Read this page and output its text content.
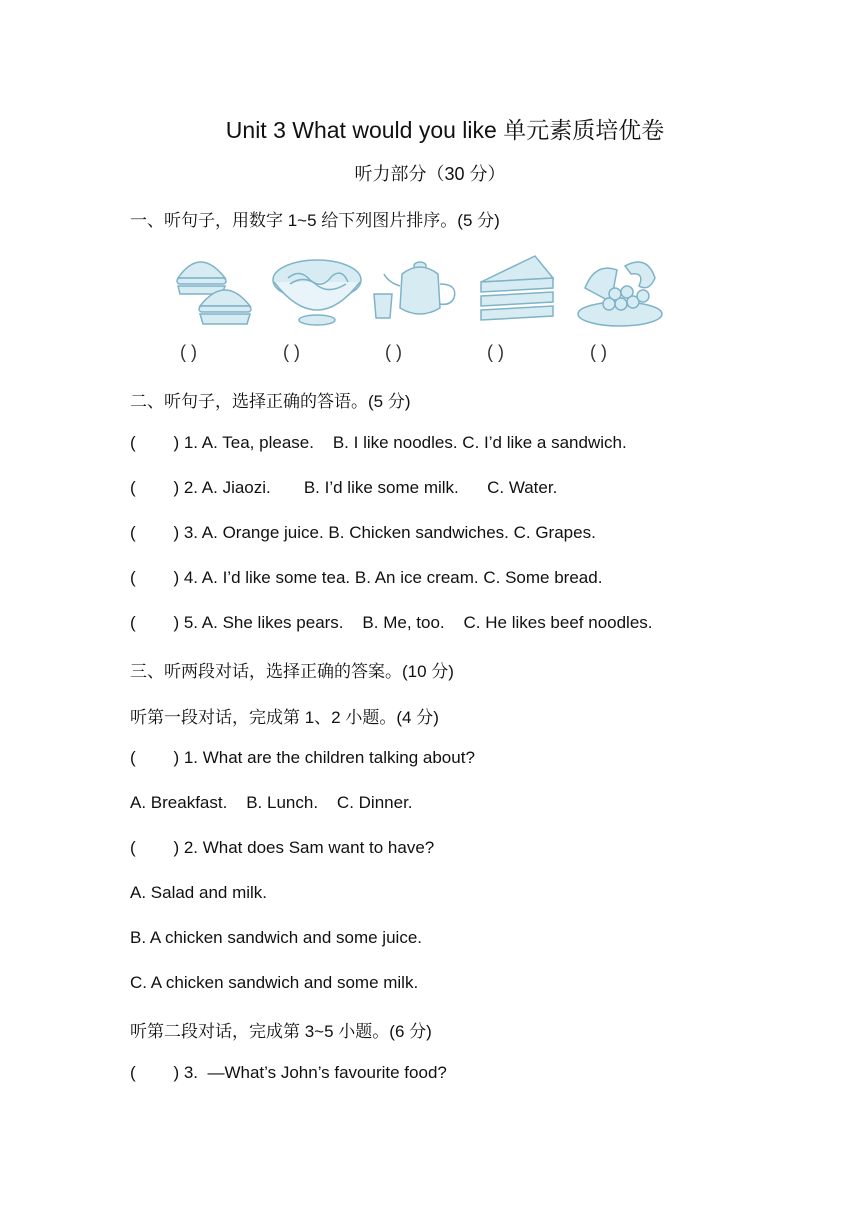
Unit 3 What would you like 单元素质培优卷
听力部分（30 分）
一、听句子，用数字 1~5 给下列图片排序。(5 分)
( )	( )	( )	( )	( )
二、听句子，选择正确的答语。(5 分)
(        ) 1. A. Tea, please.    B. I like noodles. C. I’d like a sandwich.
(        ) 2. A. Jiaozi.       B. I’d like some milk.      C. Water.
(        ) 3. A. Orange juice. B. Chicken sandwiches. C. Grapes.
(        ) 4. A. I’d like some tea. B. An ice cream. C. Some bread.
(        ) 5. A. She likes pears.    B. Me, too.    C. He likes beef noodles.
三、听两段对话，选择正确的答案。(10 分)
听第一段对话，完成第 1、2 小题。(4 分)
(        ) 1. What are the children talking about?
A. Breakfast.    B. Lunch.    C. Dinner.
(        ) 2. What does Sam want to have?
A. Salad and milk.
B. A chicken sandwich and some juice.
C. A chicken sandwich and some milk.
听第二段对话，完成第 3~5 小题。(6 分)
(        ) 3.  —What’s John’s favourite food?
